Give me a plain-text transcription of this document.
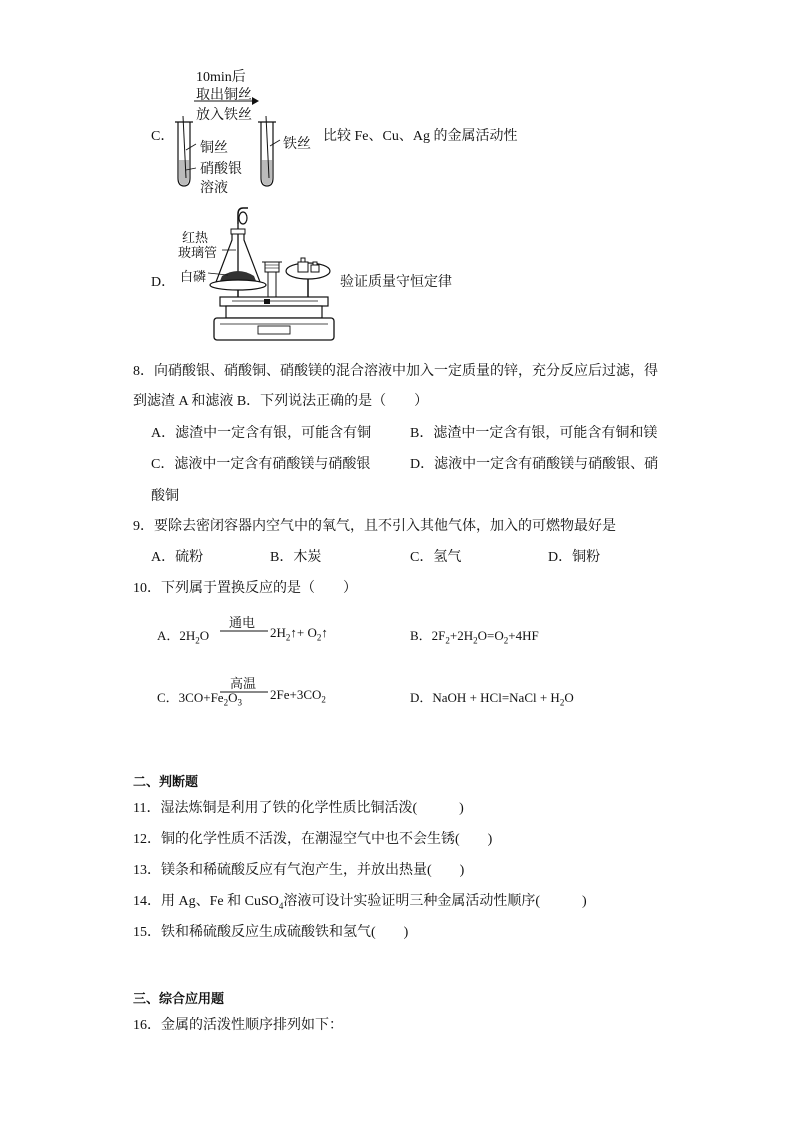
C．
10min后
取出铜丝
放入铁丝
铜丝
硝酸银
溶液
铁丝
比较 Fe、Cu、Ag 的金属活动性
D．
红热
玻璃管
白磷	验证质量守恒定律
8．向硝酸银、硝酸铜、硝酸镁的混合溶液中加入一定质量的锌，充分反应后过滤，得
到滤渣 A 和滤液 B．下列说法正确的是（　　）
A．滤渣中一定含有银，可能含有铜	B．滤渣中一定含有银，可能含有铜和镁
C．滤液中一定含有硝酸镁与硝酸银	D．滤液中一定含有硝酸镁与硝酸银、硝
酸铜
9．要除去密闭容器内空气中的氧气，且不引入其他气体，加入的可燃物最好是
A．硫粉	B．木炭	C．氢气	D．铜粉
10．下列属于置换反应的是（　　）
A．$2H_2O$
通电
$2H_2↑+$ $O_2↑$	B．$2F_2+2H_2O=O_2+4HF$
C．$3CO+Fe_2O_3$
高温
$2Fe+3CO_2$	D．NaOH + HCl=NaCl + $H_2O$
二、判断题
11．湿法炼铜是利用了铁的化学性质比铜活泼(　　　)
12．铜的化学性质不活泼，在潮湿空气中也不会生锈(　　)
13．镁条和稀硫酸反应有气泡产生，并放出热量(　　)
14．用 Ag、Fe 和 CuSO$_4$溶液可设计实验证明三种金属活动性顺序(　　　)
15．铁和稀硫酸反应生成硫酸铁和氢气(　　)
三、综合应用题
16．金属的活泼性顺序排列如下：
